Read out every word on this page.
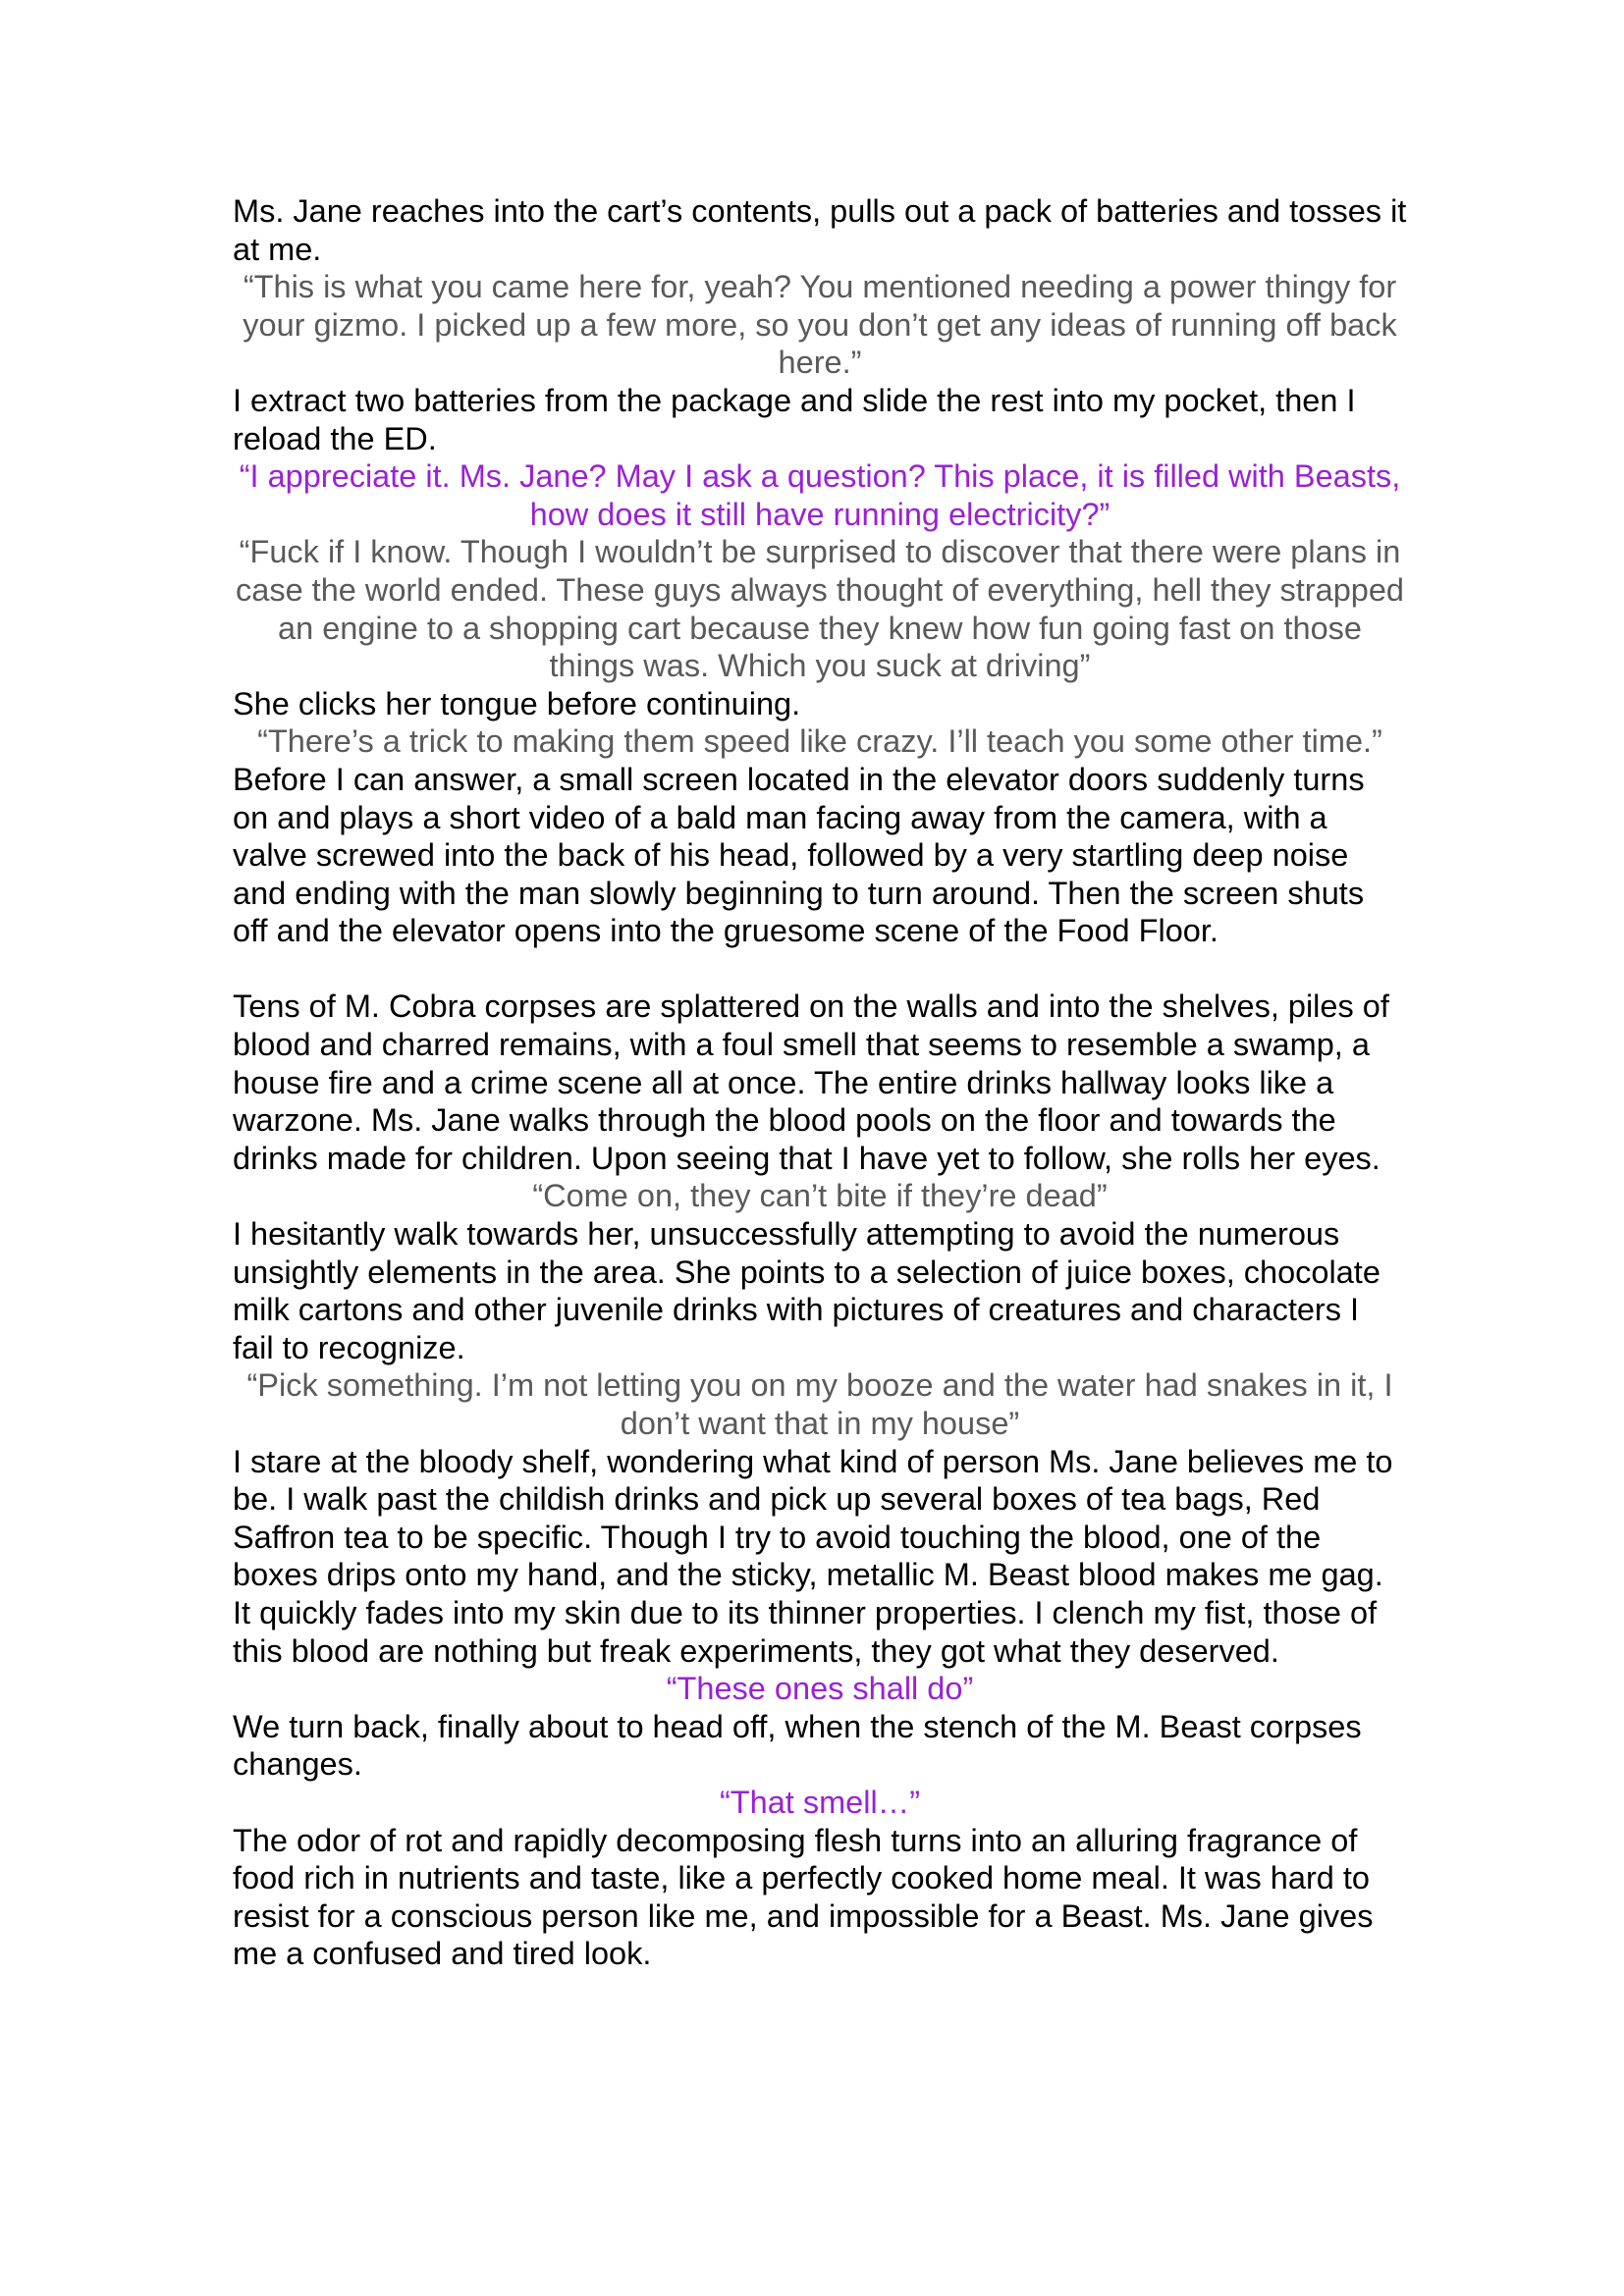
Ms. Jane reaches into the cart’s contents, pulls out a pack of batteries and tosses it at me.

“This is what you came here for, yeah? You mentioned needing a power thingy for your gizmo. I picked up a few more, so you don’t get any ideas of running off back here.”

I extract two batteries from the package and slide the rest into my pocket, then I reload the ED.

“I appreciate it. Ms. Jane? May I ask a question? This place, it is filled with Beasts, how does it still have running electricity?”

“Fuck if I know. Though I wouldn’t be surprised to discover that there were plans in case the world ended. These guys always thought of everything, hell they strapped an engine to a shopping cart because they knew how fun going fast on those things was. Which you suck at driving”

She clicks her tongue before continuing.

“There’s a trick to making them speed like crazy. I’ll teach you some other time.”

Before I can answer, a small screen located in the elevator doors suddenly turns on and plays a short video of a bald man facing away from the camera, with a valve screwed into the back of his head, followed by a very startling deep noise and ending with the man slowly beginning to turn around. Then the screen shuts off and the elevator opens into the gruesome scene of the Food Floor.

Tens of M. Cobra corpses are splattered on the walls and into the shelves, piles of blood and charred remains, with a foul smell that seems to resemble a swamp, a house fire and a crime scene all at once. The entire drinks hallway looks like a warzone. Ms. Jane walks through the blood pools on the floor and towards the drinks made for children. Upon seeing that I have yet to follow, she rolls her eyes.

“Come on, they can’t bite if they’re dead”

I hesitantly walk towards her, unsuccessfully attempting to avoid the numerous unsightly elements in the area. She points to a selection of juice boxes, chocolate milk cartons and other juvenile drinks with pictures of creatures and characters I fail to recognize.

“Pick something. I’m not letting you on my booze and the water had snakes in it, I don’t want that in my house”

I stare at the bloody shelf, wondering what kind of person Ms. Jane believes me to be. I walk past the childish drinks and pick up several boxes of tea bags, Red Saffron tea to be specific. Though I try to avoid touching the blood, one of the boxes drips onto my hand, and the sticky, metallic M. Beast blood makes me gag. It quickly fades into my skin due to its thinner properties. I clench my fist, those of this blood are nothing but freak experiments, they got what they deserved.

“These ones shall do”

We turn back, finally about to head off, when the stench of the M. Beast corpses changes.

“That smell…”

The odor of rot and rapidly decomposing flesh turns into an alluring fragrance of food rich in nutrients and taste, like a perfectly cooked home meal. It was hard to resist for a conscious person like me, and impossible for a Beast. Ms. Jane gives me a confused and tired look.
